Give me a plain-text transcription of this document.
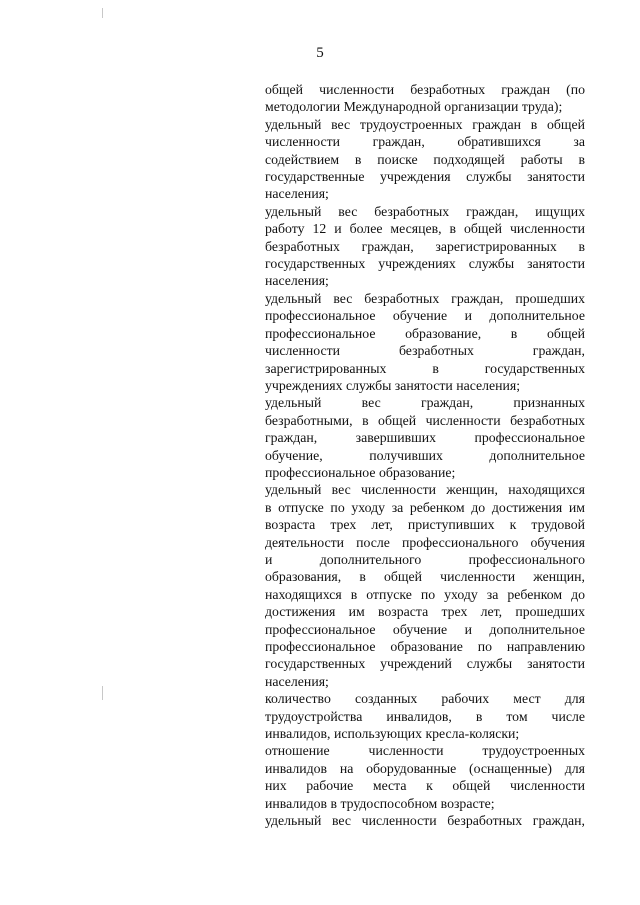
5
общей численности безработных граждан (по
методологии Международной организации труда);
удельный вес трудоустроенных граждан в общей
численности граждан, обратившихся за
содействием в поиске подходящей работы в
государственные учреждения службы занятости
населения;
удельный вес безработных граждан, ищущих
работу 12 и более месяцев, в общей численности
безработных граждан, зарегистрированных в
государственных учреждениях службы занятости
населения;
удельный вес безработных граждан, прошедших
профессиональное обучение и дополнительное
профессиональное образование, в общей
численности безработных граждан,
зарегистрированных в государственных
учреждениях службы занятости населения;
удельный вес граждан, признанных
безработными, в общей численности безработных
граждан, завершивших профессиональное
обучение, получивших дополнительное
профессиональное образование;
удельный вес численности женщин, находящихся
в отпуске по уходу за ребенком до достижения им
возраста трех лет, приступивших к трудовой
деятельности после профессионального обучения
и дополнительного профессионального
образования, в общей численности женщин,
находящихся в отпуске по уходу за ребенком до
достижения им возраста трех лет, прошедших
профессиональное обучение и дополнительное
профессиональное образование по направлению
государственных учреждений службы занятости
населения;
количество созданных рабочих мест для
трудоустройства инвалидов, в том числе
инвалидов, использующих кресла-коляски;
отношение численности трудоустроенных
инвалидов на оборудованные (оснащенные) для
них рабочие места к общей численности
инвалидов в трудоспособном возрасте;
удельный вес численности безработных граждан,
